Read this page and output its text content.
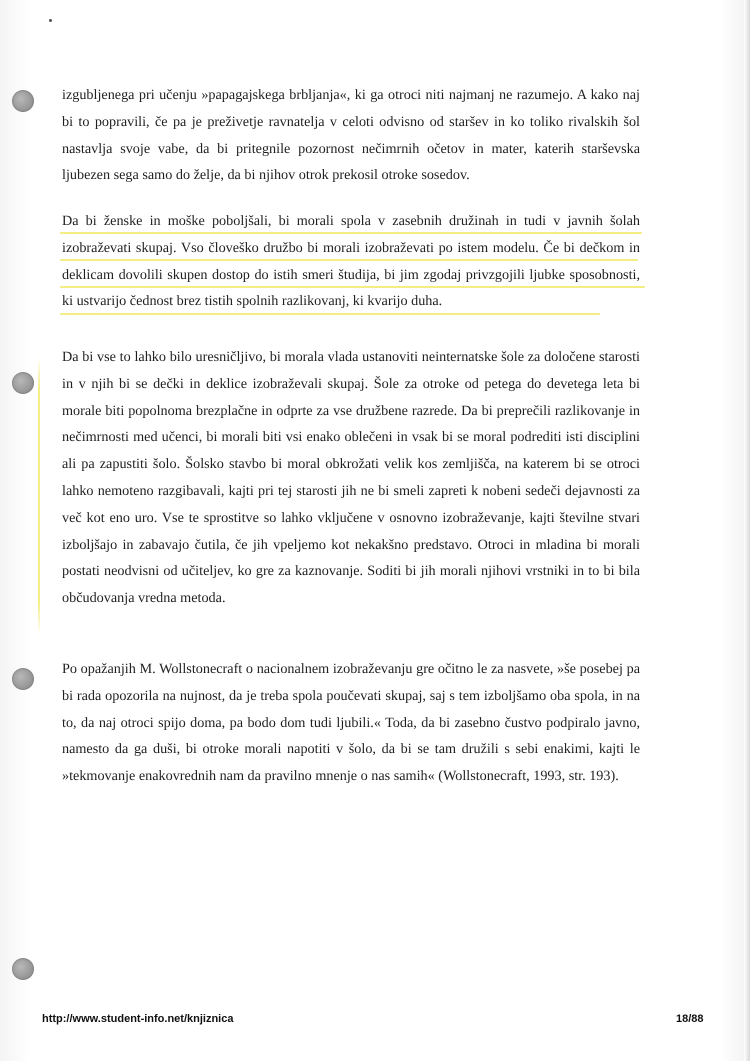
izgubljenega pri učenju »papagajskega brbljanja«, ki ga otroci niti najmanj ne razumejo. A kako naj bi to popravili, če pa je preživetje ravnatelja v celoti odvisno od staršev in ko toliko rivalskih šol nastavlja svoje vabe, da bi pritegnile pozornost nečimrnih očetov in mater, katerih starševska ljubezen sega samo do želje, da bi njihov otrok prekosil otroke sosedov.
Da bi ženske in moške poboljšali, bi morali spola v zasebnih družinah in tudi v javnih šolah izobraževati skupaj. Vso človeško družbo bi morali izobraževati po istem modelu. Če bi dečkom in deklicam dovolili skupen dostop do istih smeri študija, bi jim zgodaj privzgojili ljubke sposobnosti, ki ustvarijo čednost brez tistih spolnih razlikovanj, ki kvarijo duha.
Da bi vse to lahko bilo uresničljivo, bi morala vlada ustanoviti neinternatske šole za določene starosti in v njih bi se dečki in deklice izobraževali skupaj. Šole za otroke od petega do devetega leta bi morale biti popolnoma brezplačne in odprte za vse družbene razrede. Da bi preprečili razlikovanje in nečimrnosti med učenci, bi morali biti vsi enako oblečeni in vsak bi se moral podrediti isti disciplini ali pa zapustiti šolo. Šolsko stavbo bi moral obkrožati velik kos zemljišča, na katerem bi se otroci lahko nemoteno razgibavali, kajti pri tej starosti jih ne bi smeli zapreti k nobeni sedeči dejavnosti za več kot eno uro. Vse te sprostitve so lahko vključene v osnovno izobraževanje, kajti številne stvari izboljšajo in zabavajo čutila, če jih vpeljemo kot nekakšno predstavo. Otroci in mladina bi morali postati neodvisni od učiteljev, ko gre za kaznovanje. Soditi bi jih morali njihovi vrstniki in to bi bila občudovanja vredna metoda.
Po opažanjih M. Wollstonecraft o nacionalnem izobraževanju gre očitno le za nasvete, »še posebej pa bi rada opozorila na nujnost, da je treba spola poučevati skupaj, saj s tem izboljšamo oba spola, in na to, da naj otroci spijo doma, pa bodo dom tudi ljubili.« Toda, da bi zasebno čustvo podpiralo javno, namesto da ga duši, bi otroke morali napotiti v šolo, da bi se tam družili s sebi enakimi, kajti le »tekmovanje enakovrednih nam da pravilno mnenje o nas samih« (Wollstonecraft, 1993, str. 193).
http://www.student-info.net/knjiznica	18/88
